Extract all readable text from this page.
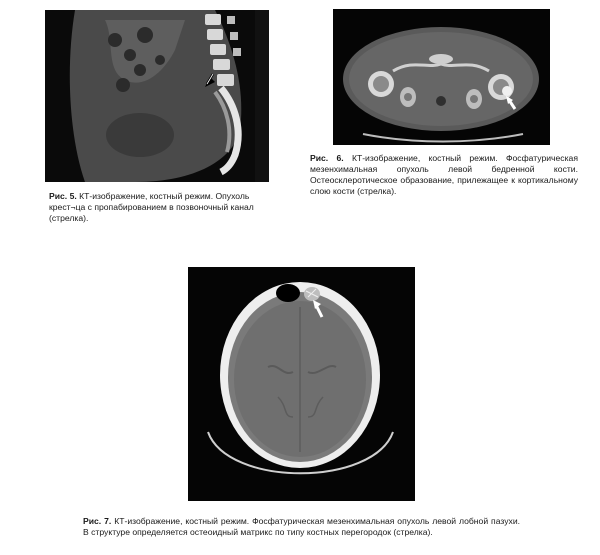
Рис. 5. КТ-изображение, костный режим. Опухоль крест¬ца с пропабированием в позвоночный канал (стрелка).
Рис. 6. КТ-изображение, костный режим. Фосфатурическая мезенхимальная опухоль левой бедренной кости. Остеосклеротическое образование, прилежащее к кортикальному слою кости (стрелка).
Рис. 7. КТ-изображение, костный режим. Фосфатурическая мезенхимальная опухоль левой лобной пазухи. В структуре определяется остеоидный матрикс по типу костных перегородок (стрелка).
